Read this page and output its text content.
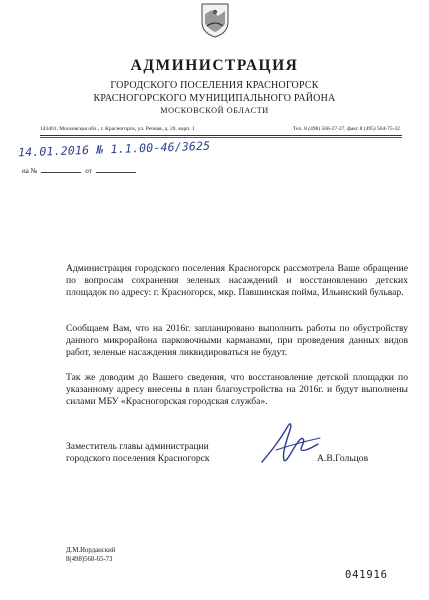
АДМИНИСТРАЦИЯ
ГОРОДСКОГО ПОСЕЛЕНИЯ КРАСНОГОРСК
КРАСНОГОРСКОГО МУНИЦИПАЛЬНОГО РАЙОНА
МОСКОВСКОЙ ОБЛАСТИ
143401, Московская обл., г. Красногорск, ул. Речная, д. 20, корп. 1	Тел. 8 (498) 568-27-27, факс 8 (495) 564-75-32
14.01.2016 № 1.1.00-46/3625
на №	от

Администрация городского поселения Красногорск рассмотрела Ваше обращение по вопросам сохранения зеленых насаждений и восстановлению детских площадок по адресу: г. Красногорск, мкр. Павшинская пойма, Ильинский бульвар.

Сообщаем Вам, что на 2016г. запланировано выполнить работы по обустройству данного микрорайона парковочными карманами, при проведения данных видов работ, зеленые насаждения ликвидироваться не будут.

Так же доводим до Вашего сведения, что восстановление детской площадки по указанному адресу внесены в план благоустройства на 2016г. и будут выполнены силами МБУ «Красногорская городская служба».

Заместитель главы администрации
городского поселения Красногорск	А.В.Гольцов
Д.М.Иорданский
8(498)568-65-73
041916
